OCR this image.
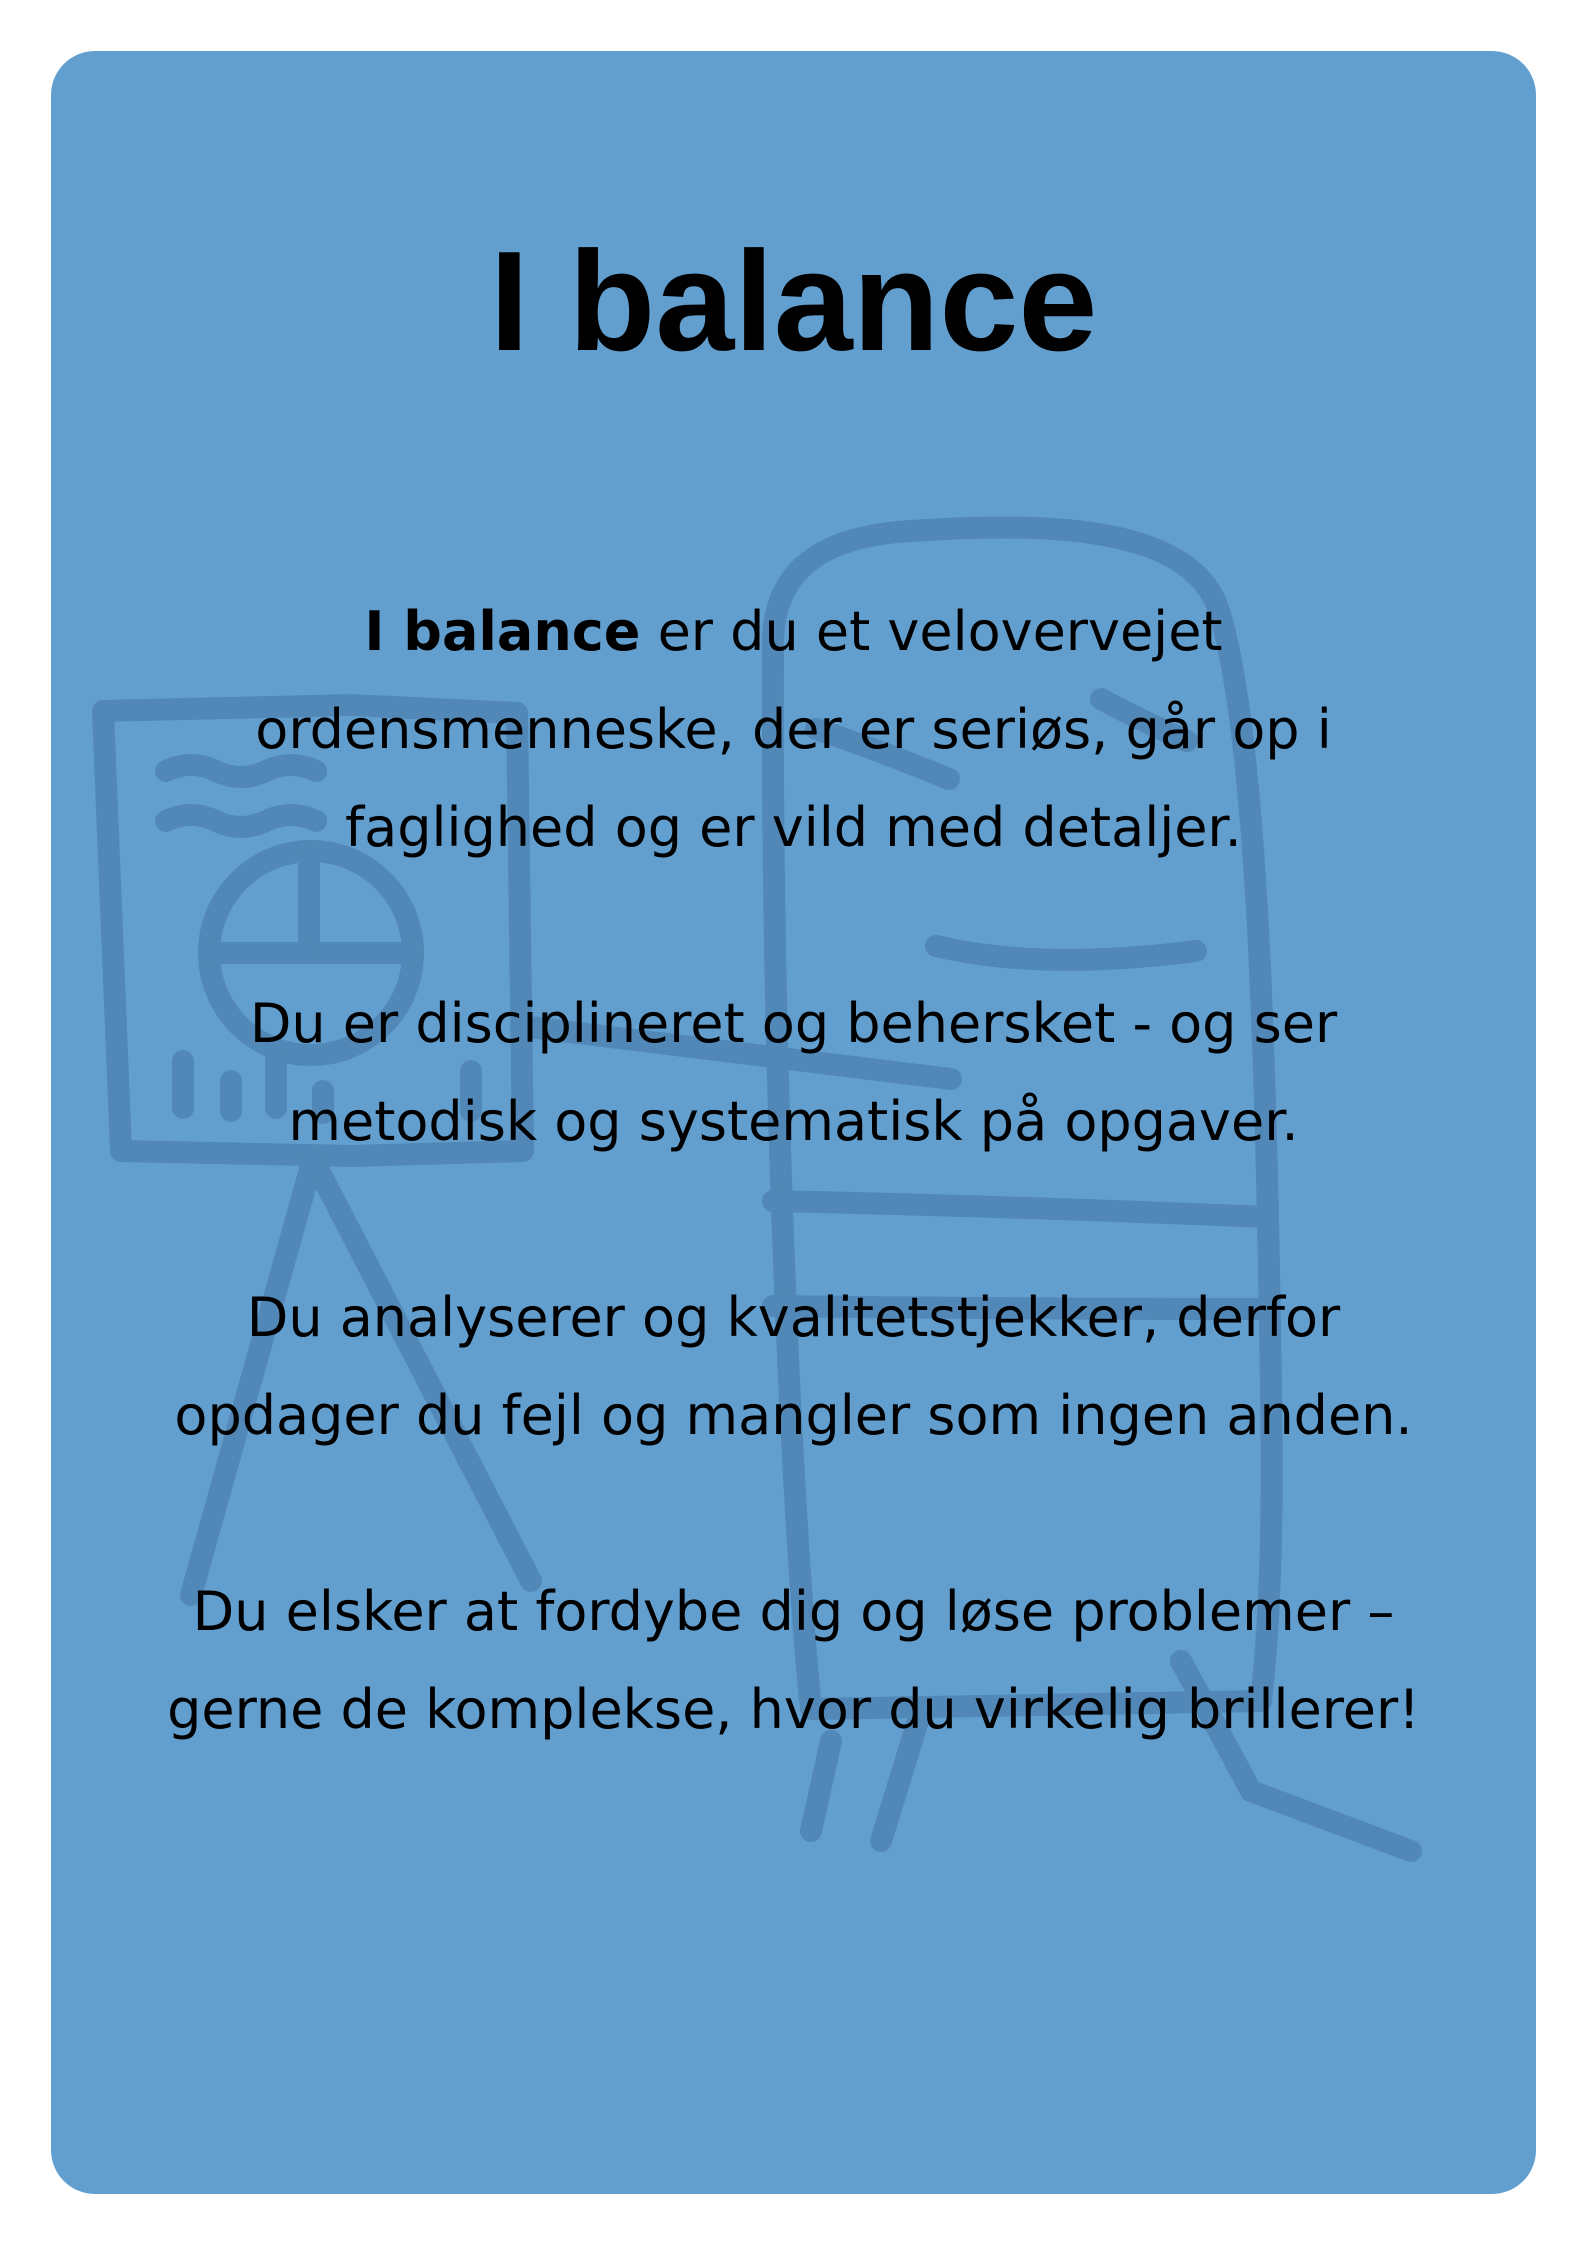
I balance

I balance er du et velovervejet ordensmenneske, der er seriøs, går op i faglighed og er vild med detaljer.

Du er disciplineret og behersket - og ser metodisk og systematisk på opgaver.

Du analyserer og kvalitetstjekker, derfor opdager du fejl og mangler som ingen anden.

Du elsker at fordybe dig og løse problemer – gerne de komplekse, hvor du virkelig brillerer!
